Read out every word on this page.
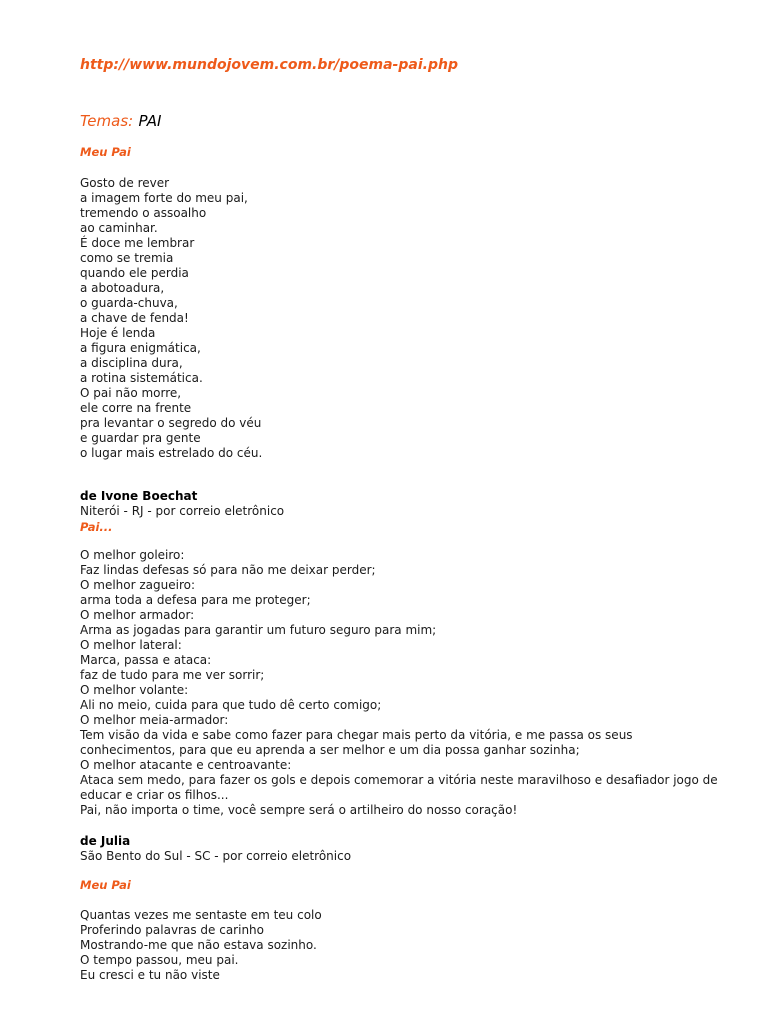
http://www.mundojovem.com.br/poema-pai.php
Temas: PAI
Meu Pai
Gosto de rever
a imagem forte do meu pai,
tremendo o assoalho
ao caminhar.
É doce me lembrar
como se tremia
quando ele perdia
a abotoadura,
o guarda-chuva,
a chave de fenda!
Hoje é lenda
a figura enigmática,
a disciplina dura,
a rotina sistemática.
O pai não morre,
ele corre na frente
pra levantar o segredo do véu
e guardar pra gente
o lugar mais estrelado do céu.
de Ivone Boechat
Niterói - RJ - por correio eletrônico
Pai...
O melhor goleiro:
Faz lindas defesas só para não me deixar perder;
O melhor zagueiro:
arma toda a defesa para me proteger;
O melhor armador:
Arma as jogadas para garantir um futuro seguro para mim;
O melhor lateral:
Marca, passa e ataca:
faz de tudo para me ver sorrir;
O melhor volante:
Ali no meio, cuida para que tudo dê certo comigo;
O melhor meia-armador:
Tem visão da vida e sabe como fazer para chegar mais perto da vitória, e me passa os seus conhecimentos, para que eu aprenda a ser melhor e um dia possa ganhar sozinha;
O melhor atacante e centroavante:
Ataca sem medo, para fazer os gols e depois comemorar a vitória neste maravilhoso e desafiador jogo de educar e criar os filhos...
Pai, não importa o time, você sempre será o artilheiro do nosso coração!
de Julia
São Bento do Sul - SC - por correio eletrônico
Meu Pai
Quantas vezes me sentaste em teu colo
Proferindo palavras de carinho
Mostrando-me que não estava sozinho.
O tempo passou, meu pai.
Eu cresci e tu não viste
